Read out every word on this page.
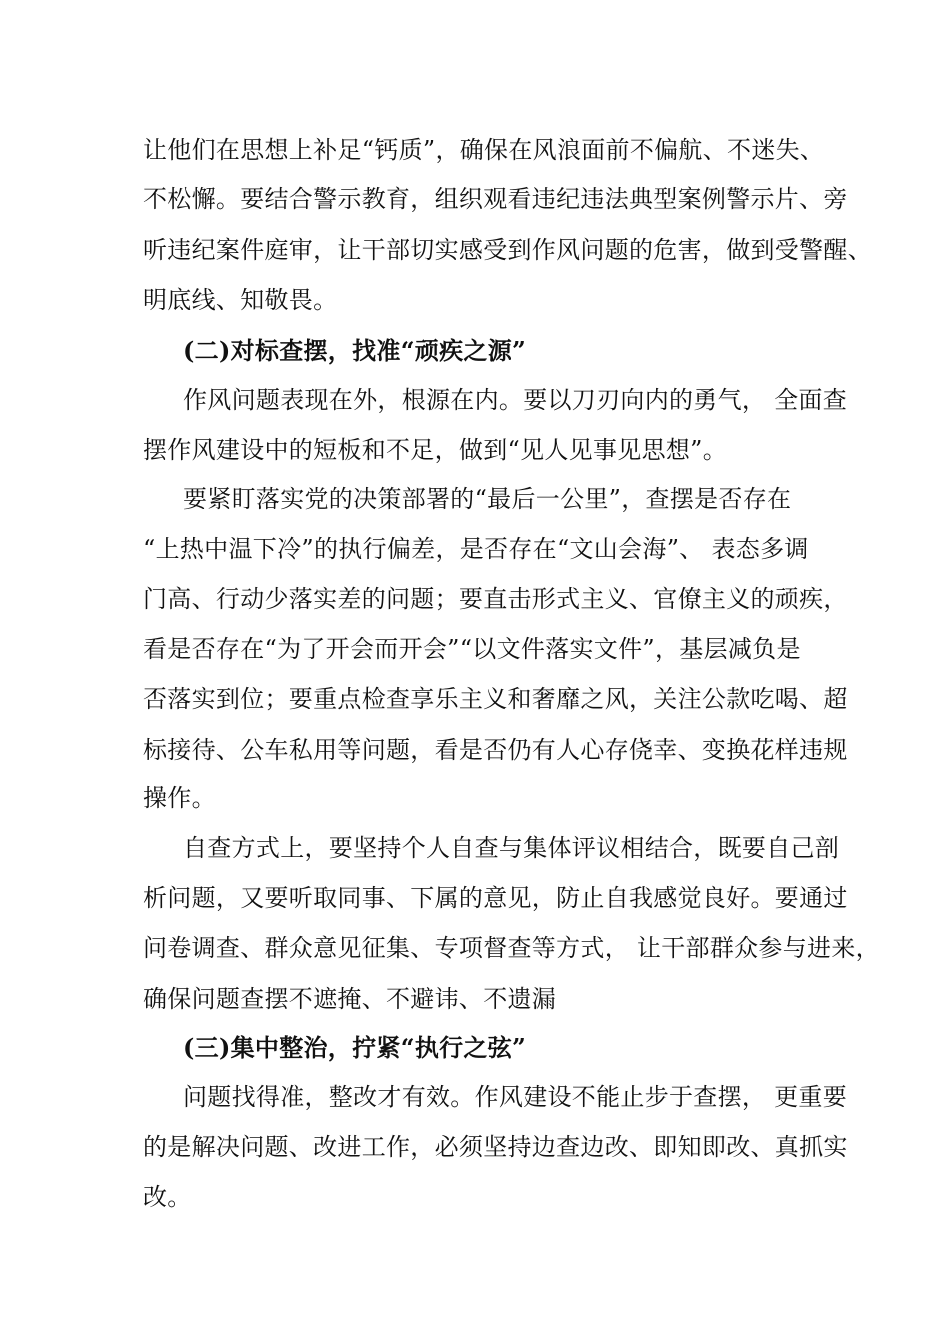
让他们在思想上补足“钙质”，确保在风浪面前不偏航、不迷失、
不松懈。要结合警示教育，组织观看违纪违法典型案例警示片、旁
听违纪案件庭审，让干部切实感受到作风问题的危害，做到受警醒、
明底线、知敬畏。
(二)对标查摆，找准“顽疾之源”
作风问题表现在外，根源在内。要以刀刃向内的勇气， 全面查
摆作风建设中的短板和不足，做到“见人见事见思想”。
要紧盯落实党的决策部署的“最后一公里”，查摆是否存在
“上热中温下冷”的执行偏差，是否存在“文山会海”、 表态多调
门高、行动少落实差的问题；要直击形式主义、官僚主义的顽疾，
看是否存在“为了开会而开会”“以文件落实文件”，基层减负是
否落实到位；要重点检查享乐主义和奢靡之风，关注公款吃喝、超
标接待、公车私用等问题，看是否仍有人心存侥幸、变换花样违规
操作。
自查方式上，要坚持个人自查与集体评议相结合，既要自己剖
析问题，又要听取同事、下属的意见，防止自我感觉良好。要通过
问卷调查、群众意见征集、专项督查等方式， 让干部群众参与进来，
确保问题查摆不遮掩、不避讳、不遗漏
(三)集中整治，拧紧“执行之弦”
问题找得准，整改才有效。作风建设不能止步于查摆， 更重要
的是解决问题、改进工作，必须坚持边查边改、即知即改、真抓实
改。
